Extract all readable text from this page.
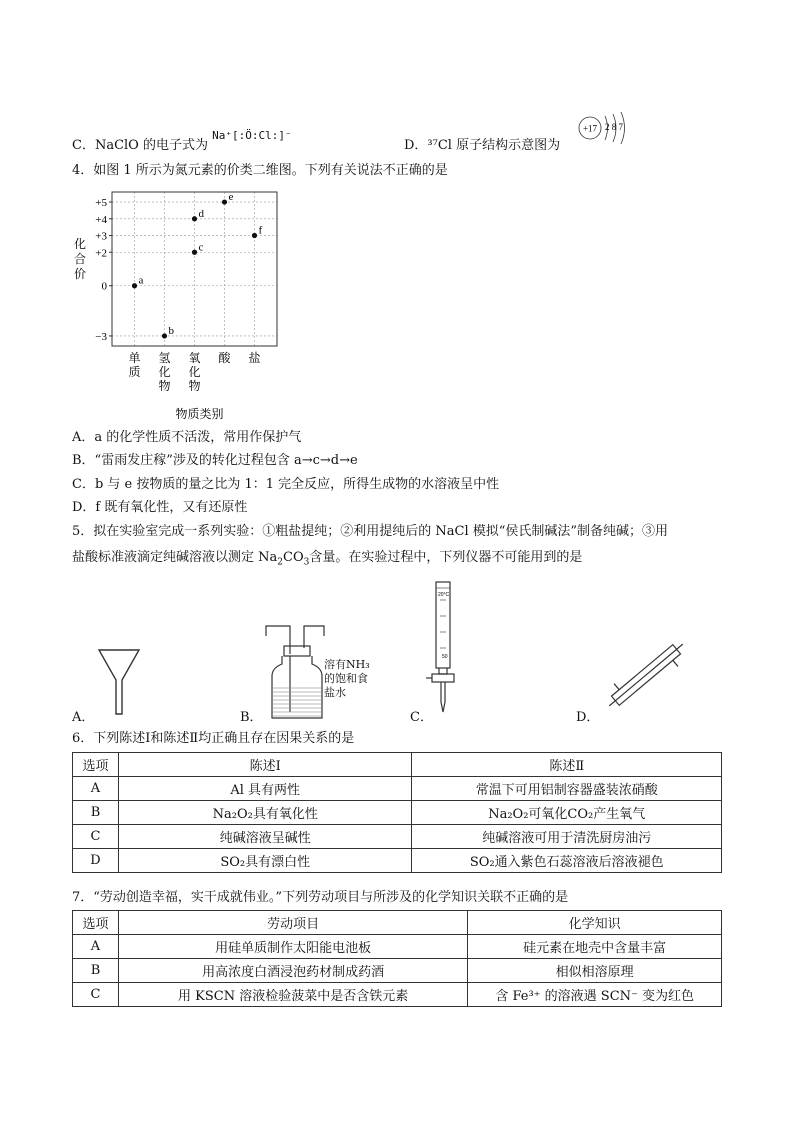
C．NaClO 的电子式为 $^{Na^+[:Ö:Cl:]^-}$
D．³⁷Cl 原子结构示意图为
+17 2 8 7
4．如图 1 所示为氮元素的价类二维图。下列有关说法不正确的是
+5
+4
+3
+2
0
−3
化
合
价
单
质
氢
化
物
氧
化
物
酸 盐
物质类别
a
b
c
d
e
f
A．a 的化学性质不活泼，常用作保护气
B．“雷雨发庄稼”涉及的转化过程包含 a→c→d→e
C．b 与 e 按物质的量之比为 1：1 完全反应，所得生成物的水溶液呈中性
D．f 既有氧化性，又有还原性
5．拟在实验室完成一系列实验：①粗盐提纯；②利用提纯后的 NaCl 模拟“侯氏制碱法”制备纯碱；③用
盐酸标准液滴定纯碱溶液以测定 $Na_2CO_3$含量。在实验过程中，下列仪器不可能用到的是
A．	B．
溶有NH₃
的饱和食
盐水
C．
20°C
50
D．
6．下列陈述Ⅰ和陈述Ⅱ均正确且存在因果关系的是
选项	陈述Ⅰ	陈述Ⅱ
A	Al 具有两性	常温下可用铝制容器盛装浓硝酸
B	Na₂O₂具有氧化性	Na₂O₂可氧化CO₂产生氧气
C	纯碱溶液呈碱性	纯碱溶液可用于清洗厨房油污
D	SO₂具有漂白性	SO₂通入紫色石蕊溶液后溶液褪色
7．“劳动创造幸福，实干成就伟业。”下列劳动项目与所涉及的化学知识关联不正确的是
选项	劳动项目	化学知识
A	用硅单质制作太阳能电池板	硅元素在地壳中含量丰富
B	用高浓度白酒浸泡药材制成药酒	相似相溶原理
C	用 KSCN 溶液检验菠菜中是否含铁元素	含 Fe³⁺ 的溶液遇 SCN⁻ 变为红色
